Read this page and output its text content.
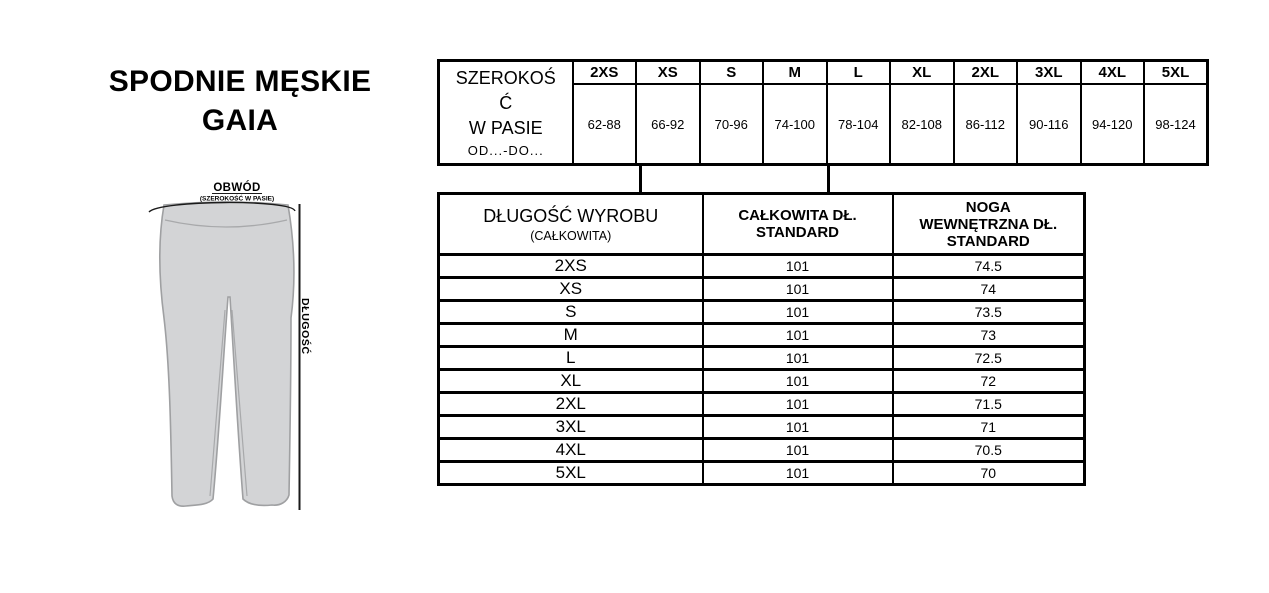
SPODNIE MĘSKIE
GAIA
OBWÓD
(SZEROKOŚĆ W PASIE)
DŁUGOŚĆ
SZEROKOŚ
Ć
W PASIE
OD...-DO...	2XS	XS	S	M	L	XL	2XL	3XL	4XL	5XL
	62-88	66-92	70-96	74-100	78-104	82-108	86-112	90-116	94-120	98-124
DŁUGOŚĆ WYROBU
(CAŁKOWITA)

CAŁKOWITA DŁ.
STANDARD

NOGA
WEWNĘTRZNA DŁ.
STANDARD

2XS	101	74.5
XS	101	74
S	101	73.5
M	101	73
L	101	72.5
XL	101	72
2XL	101	71.5
3XL	101	71
4XL	101	70.5
5XL	101	70
